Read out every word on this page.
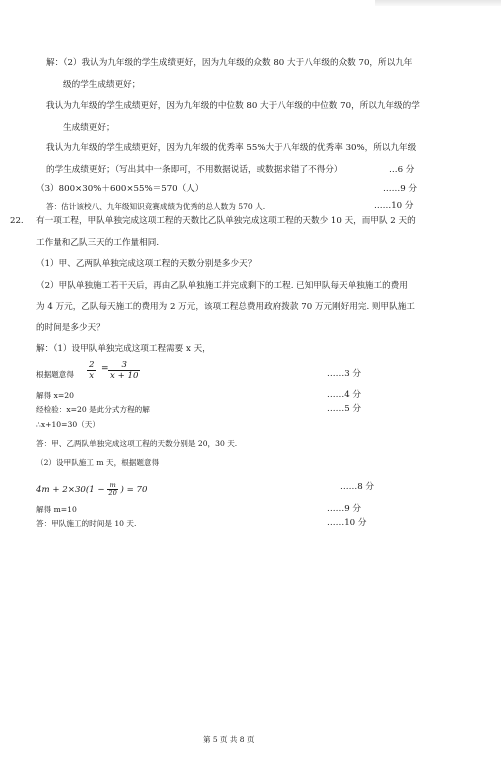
解：（2）我认为九年级的学生成绩更好，因为九年级的众数 80 大于八年级的众数 70，所以九年
级的学生成绩更好；
我认为九年级的学生成绩更好，因为九年级的中位数 80 大于八年级的中位数 70，所以九年级的学
生成绩更好；
我认为九年级的学生成绩更好，因为九年级的优秀率 55%大于八年级的优秀率 30%，所以九年级
的学生成绩更好；（写出其中一条即可，不用数据说话，或数据求错了不得分）	…6 分
（3）800×30%＋600×55%＝570（人）	……9 分
答：估计该校八、九年级知识竞赛成绩为优秀的总人数为 570 人.	……10 分
22. 有一项工程，甲队单独完成这项工程的天数比乙队单独完成这项工程的天数少 10 天，而甲队 2 天的
工作量和乙队三天的工作量相同.
（1）甲、乙两队单独完成这项工程的天数分别是多少天？
（2）甲队单独施工若干天后，再由乙队单独施工并完成剩下的工程. 已知甲队每天单独施工的费用
为 4 万元，乙队每天施工的费用为 2 万元，该项工程总费用政府拨款 70 万元刚好用完. 则甲队施工
的时间是多少天？
解：（1）设甲队单独完成这项工程需要 x 天，
根据题意得 $\frac{2}{x} = \frac{3}{x + 10}$	……3 分
解得 x=20	……4 分
经检验：x=20 是此分式方程的解	……5 分
∴x+10=30（天）
答：甲、乙两队单独完成这项工程的天数分别是 20，30 天.
（2）设甲队施工 m 天，根据题意得
$4m + 2\times 30(1 - \frac{m}{20}$ ) = 70	……8 分
解得 m=10	……9 分
答：甲队施工的时间是 10 天.	……10 分
第 5 页 共 8 页
